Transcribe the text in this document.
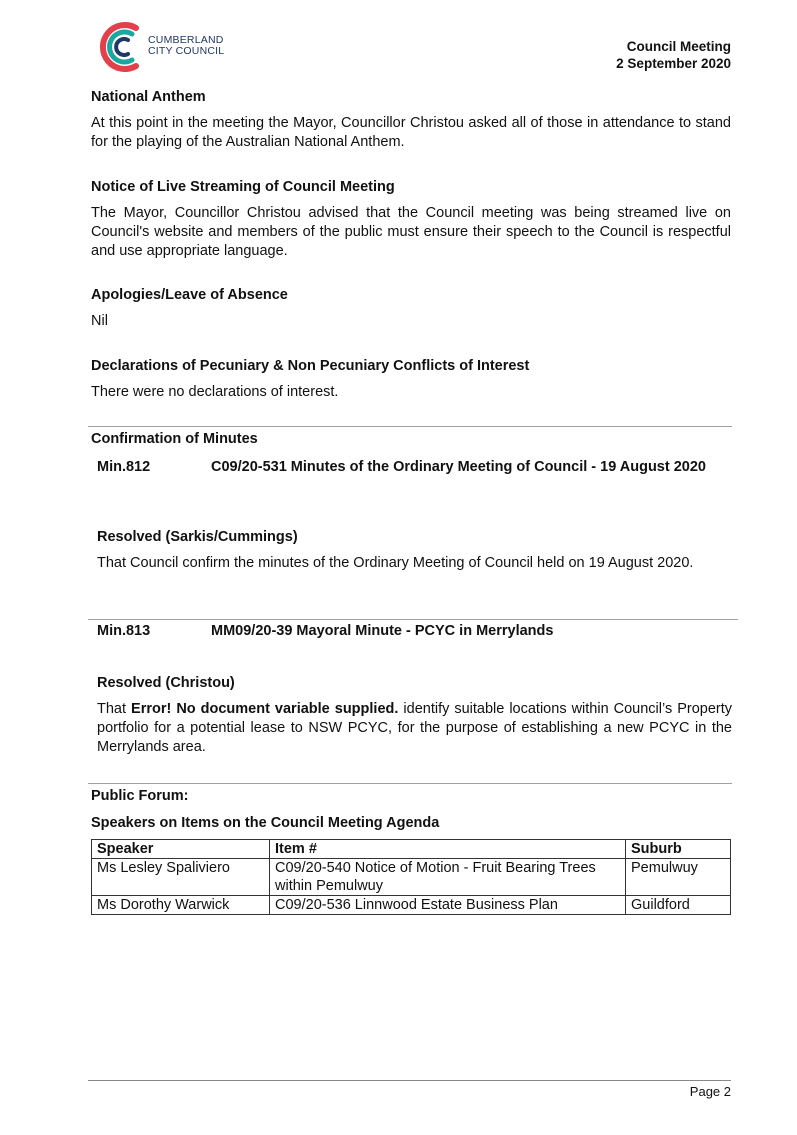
CUMBERLAND
CITY COUNCIL	Council Meeting
2 September 2020

National Anthem

At this point in the meeting the Mayor, Councillor Christou asked all of those in attendance to stand for the playing of the Australian National Anthem.

Notice of Live Streaming of Council Meeting

The Mayor, Councillor Christou advised that the Council meeting was being streamed live on Council's website and members of the public must ensure their speech to the Council is respectful and use appropriate language.

Apologies/Leave of Absence

Nil

Declarations of Pecuniary & Non Pecuniary Conflicts of Interest

There were no declarations of interest.

Confirmation of Minutes

Min.812	C09/20-531 Minutes of the Ordinary Meeting of Council - 19 August 2020

Resolved (Sarkis/Cummings)

That Council confirm the minutes of the Ordinary Meeting of Council held on 19 August 2020.

Min.813	MM09/20-39 Mayoral Minute - PCYC in Merrylands

Resolved (Christou)

That Error! No document variable supplied. identify suitable locations within Council’s Property portfolio for a potential lease to NSW PCYC, for the purpose of establishing a new PCYC in the Merrylands area.

Public Forum:

Speakers on Items on the Council Meeting Agenda

Speaker	Item #	Suburb
Ms Lesley Spaliviero	C09/20-540 Notice of Motion - Fruit Bearing Trees within Pemulwuy	Pemulwuy
Ms Dorothy Warwick	C09/20-536 Linnwood Estate Business Plan	Guildford
Page 2
